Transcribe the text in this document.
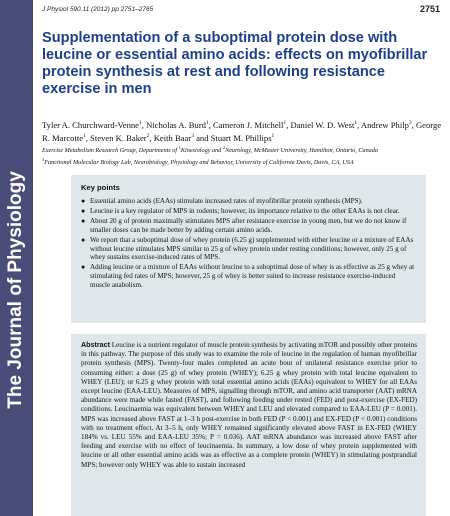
The Journal of Physiology
J Physiol 590.11 (2012) pp 2751–2765	2751
Supplementation of a suboptimal protein dose with leucine or essential amino acids: effects on myofibrillar protein synthesis at rest and following resistance exercise in men
Tyler A. Churchward-Venne$^1$, Nicholas A. Burd$^1$, Cameron J. Mitchell$^1$, Daniel W. D. West$^1$, Andrew Philp$^3$, George R. Marcotte$^1$, Steven K. Baker$^2$, Keith Baar$^3$ and Stuart M. Phillips$^1$
Exercise Metabolism Research Group, Departments of $^1$Kinesiology and $^2$Neurology, McMaster University, Hamilton, Ontario, Canada
$^3$Functional Molecular Biology Lab, Neurobiology, Physiology and Behavior, University of California Davis, Davis, CA, USA
Key points
● Essential amino acids (EAAs) stimulate increased rates of myofibrillar protein synthesis (MPS).
● Leucine is a key regulator of MPS in rodents; however, its importance relative to the other EAAs is not clear.
● About 20 g of protein maximally stimulates MPS after resistance exercise in young men, but we do not know if smaller doses can be made better by adding certain amino acids.
● We report that a suboptimal dose of whey protein (6.25 g) supplemented with either leucine or a mixture of EAAs without leucine stimulates MPS similar to 25 g of whey protein under resting conditions; however, only 25 g of whey sustains exercise-induced rates of MPS.
● Adding leucine or a mixture of EAAs without leucine to a suboptimal dose of whey is as effective as 25 g whey at stimulating fed rates of MPS; however, 25 g of whey is better suited to increase resistance exercise-induced muscle anabolism.
Abstract Leucine is a nutrient regulator of muscle protein synthesis by activating mTOR and possibly other proteins in this pathway. The purpose of this study was to examine the role of leucine in the regulation of human myofibrillar protein synthesis (MPS). Twenty-four males completed an acute bout of unilateral resistance exercise prior to consuming either: a dose (25 g) of whey protein (WHEY); 6.25 g whey protein with total leucine equivalent to WHEY (LEU); or 6.25 g whey protein with total essential amino acids (EAAs) equivalent to WHEY for all EAAs except leucine (EAA-LEU). Measures of MPS, signalling through mTOR, and amino acid transporter (AAT) mRNA abundance were made while fasted (FAST), and following feeding under rested (FED) and post-exercise (EX-FED) conditions. Leucinaemia was equivalent between WHEY and LEU and elevated compared to EAA-LEU (P = 0.001). MPS was increased above FAST at 1–3 h post-exercise in both FED (P < 0.001) and EX-FED (P < 0.001) conditions with no treatment effect. At 3–5 h, only WHEY remained significantly elevated above FAST in EX-FED (WHEY 184% vs. LEU 55% and EAA-LEU 35%; P = 0.036). AAT mRNA abundance was increased above FAST after feeding and exercise with no effect of leucinaemia. In summary, a low dose of whey protein supplemented with leucine or all other essential amino acids was as effective as a complete protein (WHEY) in stimulating postprandial MPS; however only WHEY was able to sustain increased
